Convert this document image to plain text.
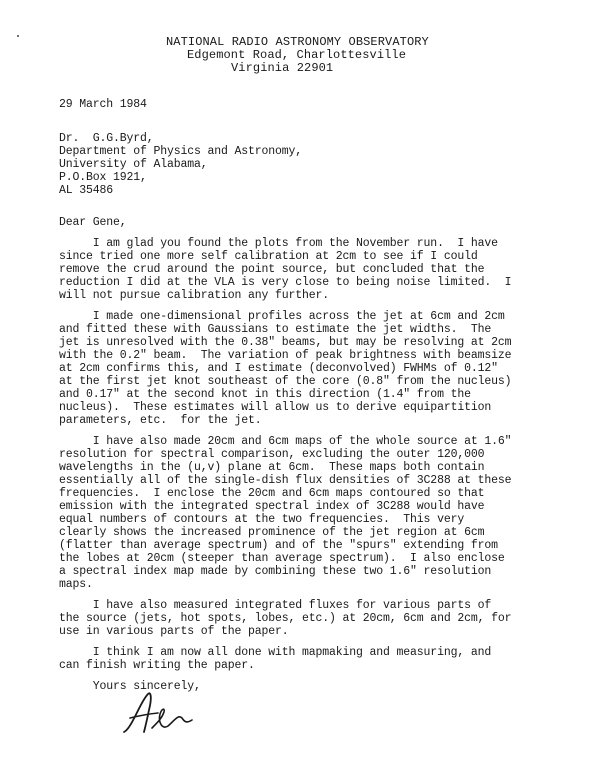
NATIONAL RADIO ASTRONOMY OBSERVATORY
Edgemont Road, Charlottesville
Virginia 22901
29 March 1984
Dr.  G.G.Byrd,
Department of Physics and Astronomy,
University of Alabama,
P.O.Box 1921,
AL 35486
Dear Gene,
I am glad you found the plots from the November run.  I have
since tried one more self calibration at 2cm to see if I could
remove the crud around the point source, but concluded that the
reduction I did at the VLA is very close to being noise limited.  I
will not pursue calibration any further.
I made one-dimensional profiles across the jet at 6cm and 2cm
and fitted these with Gaussians to estimate the jet widths.  The
jet is unresolved with the 0.38" beams, but may be resolving at 2cm
with the 0.2" beam.  The variation of peak brightness with beamsize
at 2cm confirms this, and I estimate (deconvolved) FWHMs of 0.12"
at the first jet knot southeast of the core (0.8" from the nucleus)
and 0.17" at the second knot in this direction (1.4" from the
nucleus).  These estimates will allow us to derive equipartition
parameters, etc.  for the jet.
I have also made 20cm and 6cm maps of the whole source at 1.6"
resolution for spectral comparison, excluding the outer 120,000
wavelengths in the (u,v) plane at 6cm.  These maps both contain
essentially all of the single-dish flux densities of 3C288 at these
frequencies.  I enclose the 20cm and 6cm maps contoured so that
emission with the integrated spectral index of 3C288 would have
equal numbers of contours at the two frequencies.  This very
clearly shows the increased prominence of the jet region at 6cm
(flatter than average spectrum) and of the "spurs" extending from
the lobes at 20cm (steeper than average spectrum).  I also enclose
a spectral index map made by combining these two 1.6" resolution
maps.
I have also measured integrated fluxes for various parts of
the source (jets, hot spots, lobes, etc.) at 20cm, 6cm and 2cm, for
use in various parts of the paper.
I think I am now all done with mapmaking and measuring, and
can finish writing the paper.
Yours sincerely,
